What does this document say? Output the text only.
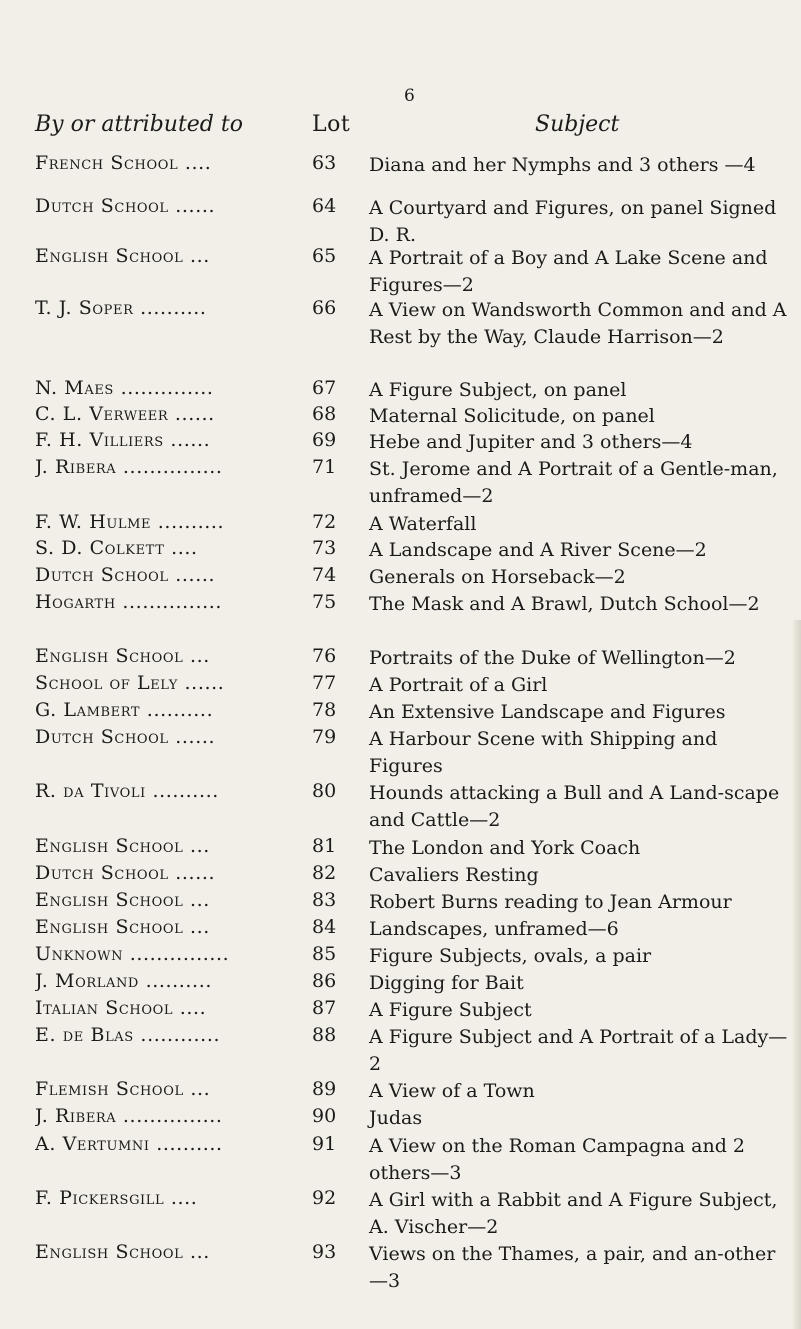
6
By or attributed to	Lot	Subject
French School ....	63	Diana and her Nymphs and 3 others —4
Dutch School ......	64	A Courtyard and Figures, on panel Signed D. R.
English School ...	65	A Portrait of a Boy and A Lake Scene and Figures—2
T. J. Soper ..........	66	A View on Wandsworth Common and and A Rest by the Way, Claude Harrison—2
N. Maes ..............	67	A Figure Subject, on panel
C. L. Verweer ......	68	Maternal Solicitude, on panel
F. H. Villiers ......	69	Hebe and Jupiter and 3 others—4
J. Ribera ...............	71	St. Jerome and A Portrait of a Gentle-man, unframed—2
F. W. Hulme ..........	72	A Waterfall
S. D. Colkett ....	73	A Landscape and A River Scene—2
Dutch School ......	74	Generals on Horseback—2
Hogarth ...............	75	The Mask and A Brawl, Dutch School—2
English School ...	76	Portraits of the Duke of Wellington—2
School of Lely ......	77	A Portrait of a Girl
G. Lambert ..........	78	An Extensive Landscape and Figures
Dutch School ......	79	A Harbour Scene with Shipping and Figures
R. da Tivoli ..........	80	Hounds attacking a Bull and A Land-scape and Cattle—2
English School ...	81	The London and York Coach
Dutch School ......	82	Cavaliers Resting
English School ...	83	Robert Burns reading to Jean Armour
English School ...	84	Landscapes, unframed—6
Unknown ...............	85	Figure Subjects, ovals, a pair
J. Morland ..........	86	Digging for Bait
Italian School ....	87	A Figure Subject
E. de Blas ............	88	A Figure Subject and A Portrait of a Lady—2
Flemish School ...	89	A View of a Town
J. Ribera ...............	90	Judas
A. Vertumni ..........	91	A View on the Roman Campagna and 2 others—3
F. Pickersgill ....	92	A Girl with a Rabbit and A Figure Subject, A. Vischer—2
English School ...	93	Views on the Thames, a pair, and an-other—3
